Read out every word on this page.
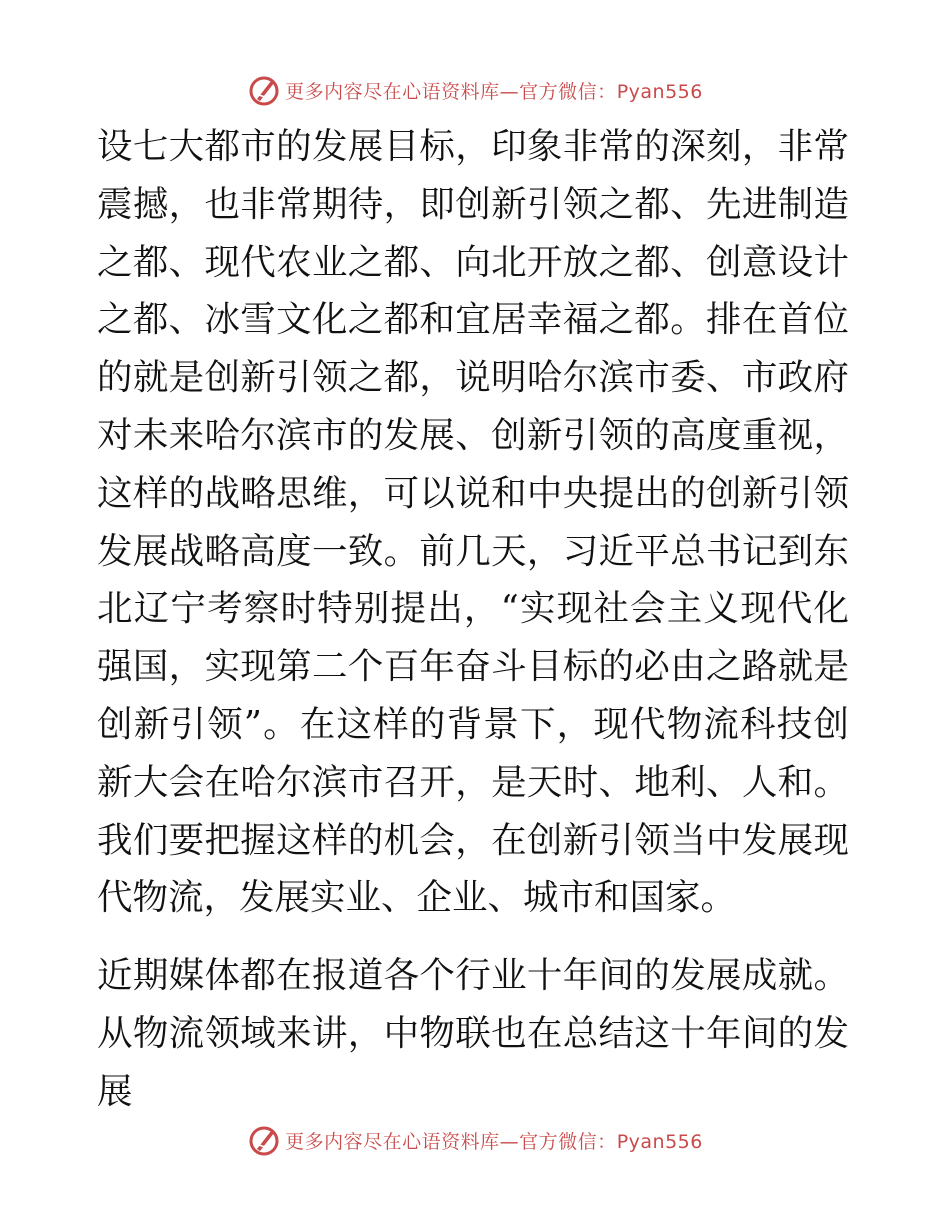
更多内容尽在心语资料库—官方微信：Pyan556

设七大都市的发展目标，印象非常的深刻，非常震撼，也非常期待，即创新引领之都、先进制造之都、现代农业之都、向北开放之都、创意设计之都、冰雪文化之都和宜居幸福之都。排在首位的就是创新引领之都，说明哈尔滨市委、市政府对未来哈尔滨市的发展、创新引领的高度重视，这样的战略思维，可以说和中央提出的创新引领发展战略高度一致。前几天，习近平总书记到东北辽宁考察时特别提出，“实现社会主义现代化强国，实现第二个百年奋斗目标的必由之路就是创新引领”。在这样的背景下，现代物流科技创新大会在哈尔滨市召开，是天时、地利、人和。我们要把握这样的机会，在创新引领当中发展现代物流，发展实业、企业、城市和国家。

近期媒体都在报道各个行业十年间的发展成就。从物流领域来讲，中物联也在总结这十年间的发展

更多内容尽在心语资料库—官方微信：Pyan556
